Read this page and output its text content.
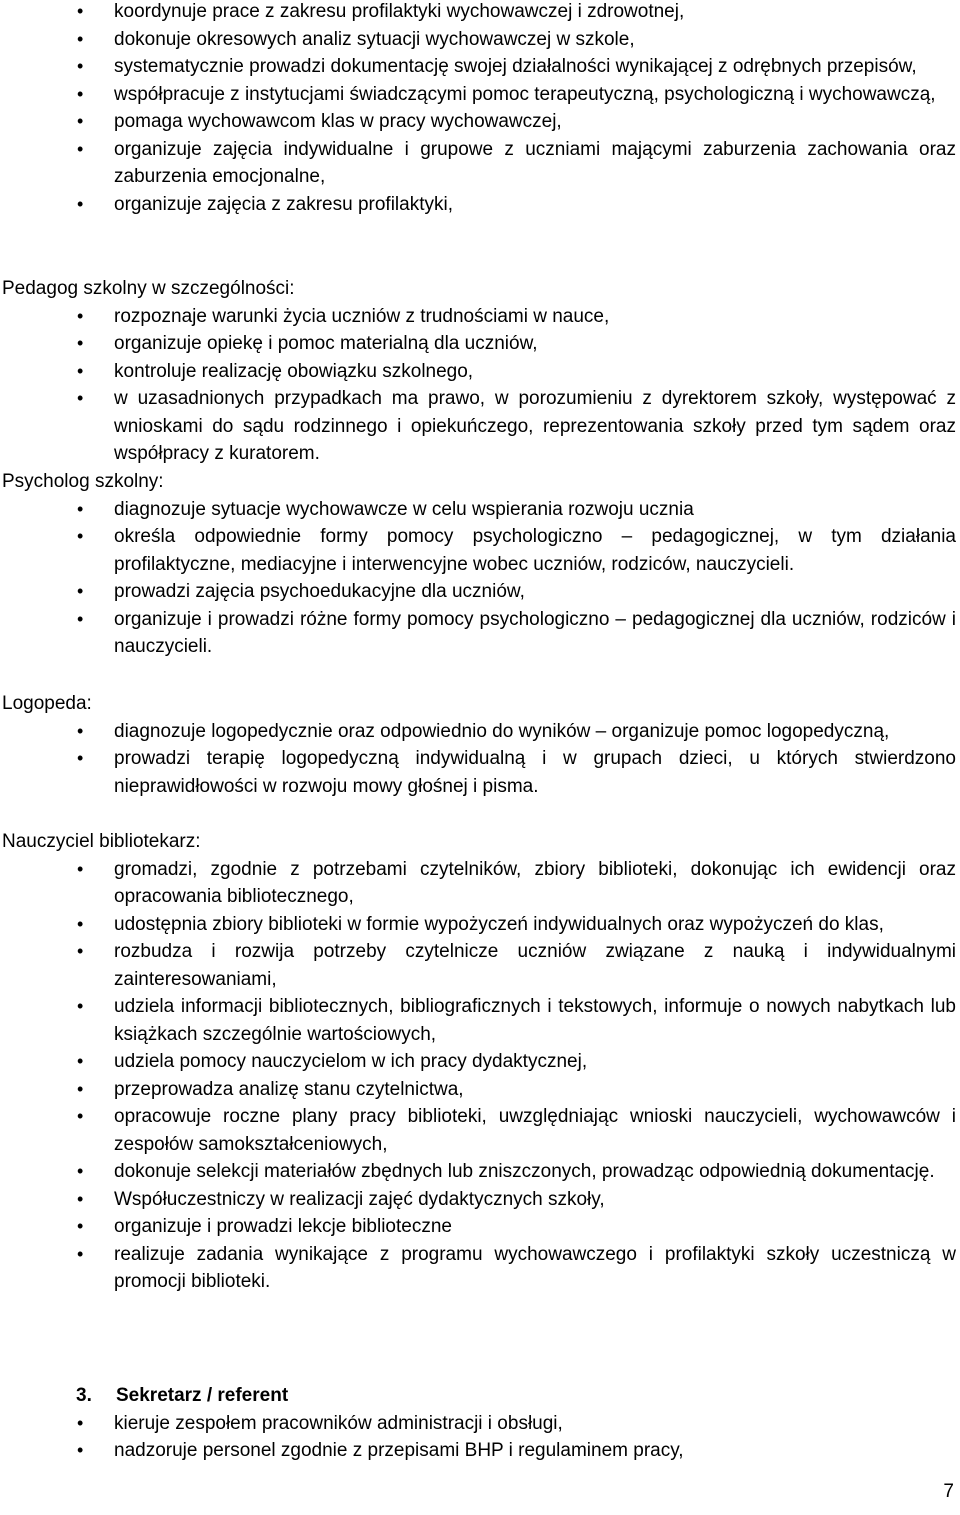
• koordynuje prace z zakresu profilaktyki wychowawczej i zdrowotnej,
• dokonuje okresowych analiz sytuacji wychowawczej w szkole,
• systematycznie prowadzi dokumentację swojej działalności wynikającej z odrębnych przepisów,
• współpracuje z instytucjami świadczącymi pomoc terapeutyczną, psychologiczną i wychowawczą,
• pomaga wychowawcom klas w pracy wychowawczej,
• organizuje zajęcia indywidualne i grupowe z uczniami mającymi zaburzenia zachowania oraz zaburzenia emocjonalne,
• organizuje zajęcia z zakresu profilaktyki,
Pedagog szkolny w szczególności:
• rozpoznaje warunki życia uczniów z trudnościami w nauce,
• organizuje opiekę i pomoc materialną dla uczniów,
• kontroluje realizację obowiązku szkolnego,
• w uzasadnionych przypadkach ma prawo, w porozumieniu z dyrektorem szkoły, występować z wnioskami do sądu rodzinnego i opiekuńczego, reprezentowania szkoły przed tym sądem oraz współpracy z kuratorem.
Psycholog szkolny:
• diagnozuje sytuacje wychowawcze w celu wspierania rozwoju ucznia
• określa odpowiednie formy pomocy psychologiczno – pedagogicznej, w tym działania profilaktyczne, mediacyjne i interwencyjne wobec uczniów, rodziców, nauczycieli.
• prowadzi zajęcia psychoedukacyjne dla uczniów,
• organizuje i prowadzi różne formy pomocy psychologiczno – pedagogicznej dla uczniów, rodziców i nauczycieli.
Logopeda:
• diagnozuje logopedycznie oraz odpowiednio do wyników – organizuje pomoc logopedyczną,
• prowadzi terapię logopedyczną indywidualną i w grupach dzieci, u których stwierdzono nieprawidłowości w rozwoju mowy głośnej i pisma.
Nauczyciel bibliotekarz:
• gromadzi, zgodnie z potrzebami czytelników, zbiory biblioteki, dokonując ich ewidencji oraz opracowania bibliotecznego,
• udostępnia zbiory biblioteki w formie wypożyczeń indywidualnych oraz wypożyczeń do klas,
• rozbudza i rozwija potrzeby czytelnicze uczniów związane z nauką i indywidualnymi zainteresowaniami,
• udziela informacji bibliotecznych, bibliograficznych i tekstowych, informuje o nowych nabytkach lub książkach szczególnie wartościowych,
• udziela pomocy nauczycielom w ich pracy dydaktycznej,
• przeprowadza analizę stanu czytelnictwa,
• opracowuje roczne plany pracy biblioteki, uwzględniając wnioski nauczycieli, wychowawców i zespołów samokształceniowych,
• dokonuje selekcji materiałów zbędnych lub zniszczonych, prowadząc odpowiednią dokumentację.
• Współuczestniczy w realizacji zajęć dydaktycznych szkoły,
• organizuje i prowadzi lekcje biblioteczne
• realizuje zadania wynikające z programu wychowawczego i profilaktyki szkoły uczestniczą w promocji biblioteki.
3. Sekretarz / referent
• kieruje zespołem pracowników administracji i obsługi,
• nadzoruje personel zgodnie z przepisami BHP i regulaminem pracy,
7
